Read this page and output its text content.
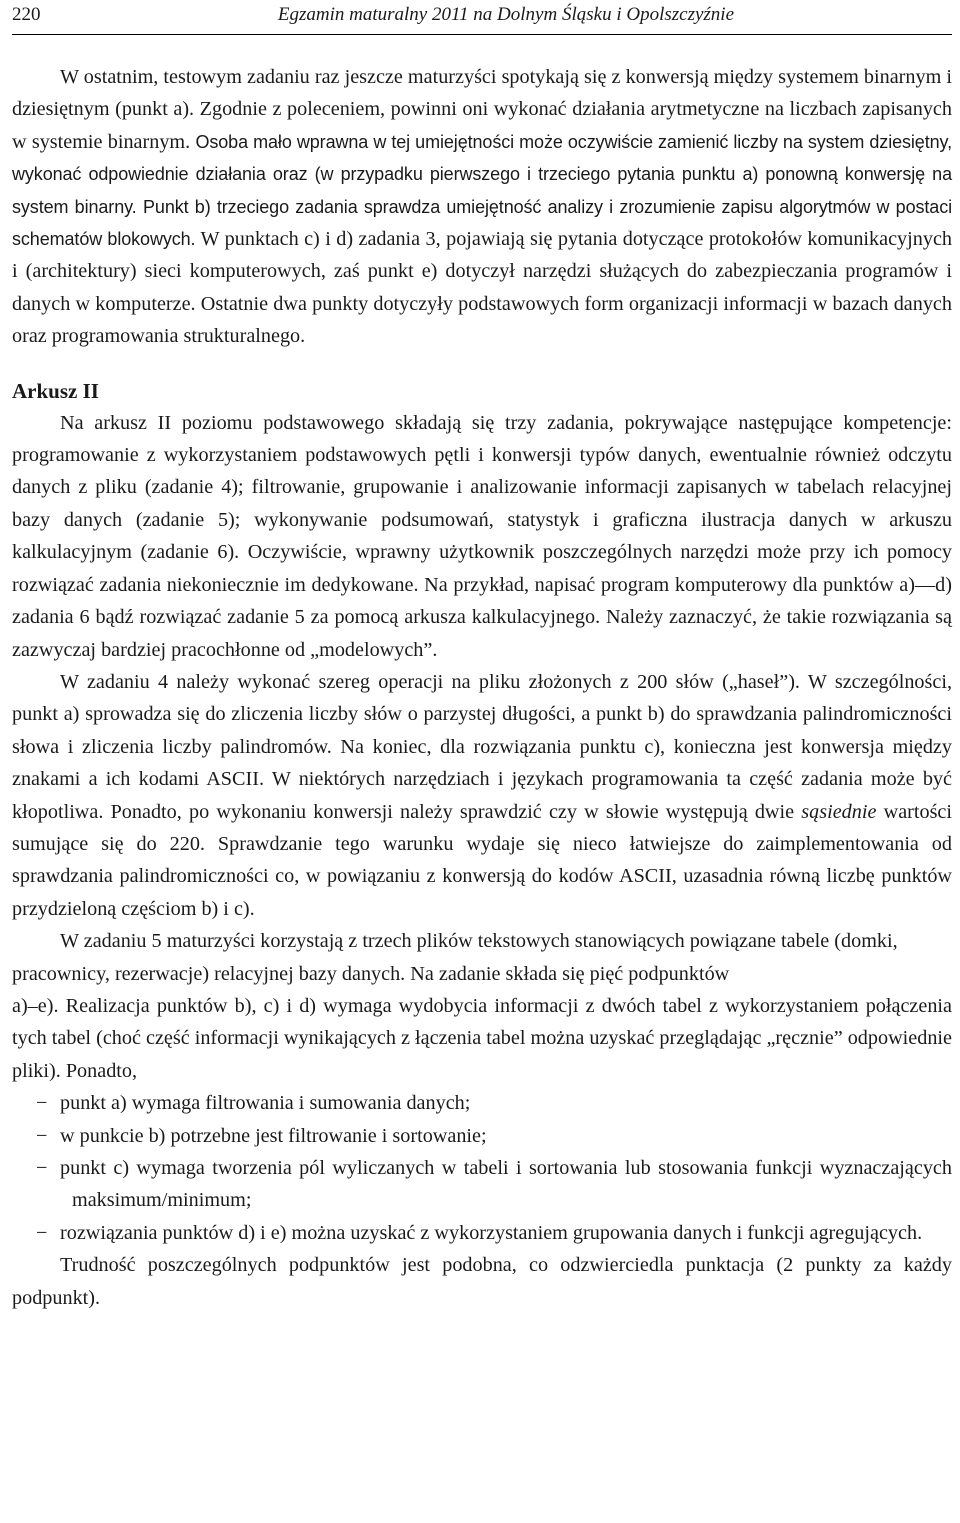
220	Egzamin maturalny 2011 na Dolnym Śląsku i Opolszczyźnie

W ostatnim, testowym zadaniu raz jeszcze maturzyści spotykają się z konwersją między systemem binarnym i dziesiętnym (punkt a). Zgodnie z poleceniem, powinni oni wykonać działania arytmetyczne na liczbach zapisanych w systemie binarnym. Osoba mało wprawna w tej umiejętności może oczywiście zamienić liczby na system dziesiętny, wykonać odpowiednie działania oraz (w przypadku pierwszego i trzeciego pytania punktu a) ponowną konwersję na system binarny. Punkt b) trzeciego zadania sprawdza umiejętność analizy i zrozumienie zapisu algorytmów w postaci schematów blokowych. W punktach c) i d) zadania 3, pojawiają się pytania dotyczące protokołów komunikacyjnych i (architektury) sieci komputerowych, zaś punkt e) dotyczył narzędzi służących do zabezpieczania programów i danych w komputerze. Ostatnie dwa punkty dotyczyły podstawowych form organizacji informacji w bazach danych oraz programowania strukturalnego.

Arkusz II

Na arkusz II poziomu podstawowego składają się trzy zadania, pokrywające następujące kompetencje: programowanie z wykorzystaniem podstawowych pętli i konwersji typów danych, ewentualnie również odczytu danych z pliku (zadanie 4); filtrowanie, grupowanie i analizowanie informacji zapisanych w tabelach relacyjnej bazy danych (zadanie 5); wykonywanie podsumowań, statystyk i graficzna ilustracja danych w arkuszu kalkulacyjnym (zadanie 6). Oczywiście, wprawny użytkownik poszczególnych narzędzi może przy ich pomocy rozwiązać zadania niekoniecznie im dedykowane. Na przykład, napisać program komputerowy dla punktów a)—d) zadania 6 bądź rozwiązać zadanie 5 za pomocą arkusza kalkulacyjnego. Należy zaznaczyć, że takie rozwiązania są zazwyczaj bardziej pracochłonne od „modelowych”.

W zadaniu 4 należy wykonać szereg operacji na pliku złożonych z 200 słów („haseł”). W szczególności, punkt a) sprowadza się do zliczenia liczby słów o parzystej długości, a punkt b) do sprawdzania palindromiczności słowa i zliczenia liczby palindromów. Na koniec, dla rozwiązania punktu c), konieczna jest konwersja między znakami a ich kodami ASCII. W niektórych narzędziach i językach programowania ta część zadania może być kłopotliwa. Ponadto, po wykonaniu konwersji należy sprawdzić czy w słowie występują dwie sąsiednie wartości sumujące się do 220. Sprawdzanie tego warunku wydaje się nieco łatwiejsze do zaimplementowania od sprawdzania palindromiczności co, w powiązaniu z konwersją do kodów ASCII, uzasadnia równą liczbę punktów przydzieloną częściom b) i c).

W zadaniu 5 maturzyści korzystają z trzech plików tekstowych stanowiących powiązane tabele (domki, pracownicy, rezerwacje) relacyjnej bazy danych. Na zadanie składa się pięć podpunktów

a)–e). Realizacja punktów b), c) i d) wymaga wydobycia informacji z dwóch tabel z wykorzystaniem połączenia tych tabel (choć część informacji wynikających z łączenia tabel można uzyskać przeglądając „ręcznie” odpowiednie pliki). Ponadto,

− punkt a) wymaga filtrowania i sumowania danych;
− w punkcie b) potrzebne jest filtrowanie i sortowanie;
− punkt c) wymaga tworzenia pól wyliczanych w tabeli i sortowania lub stosowania funkcji wyznaczających maksimum/minimum;
− rozwiązania punktów d) i e) można uzyskać z wykorzystaniem grupowania danych i funkcji agregujących.

Trudność poszczególnych podpunktów jest podobna, co odzwierciedla punktacja (2 punkty za każdy podpunkt).
